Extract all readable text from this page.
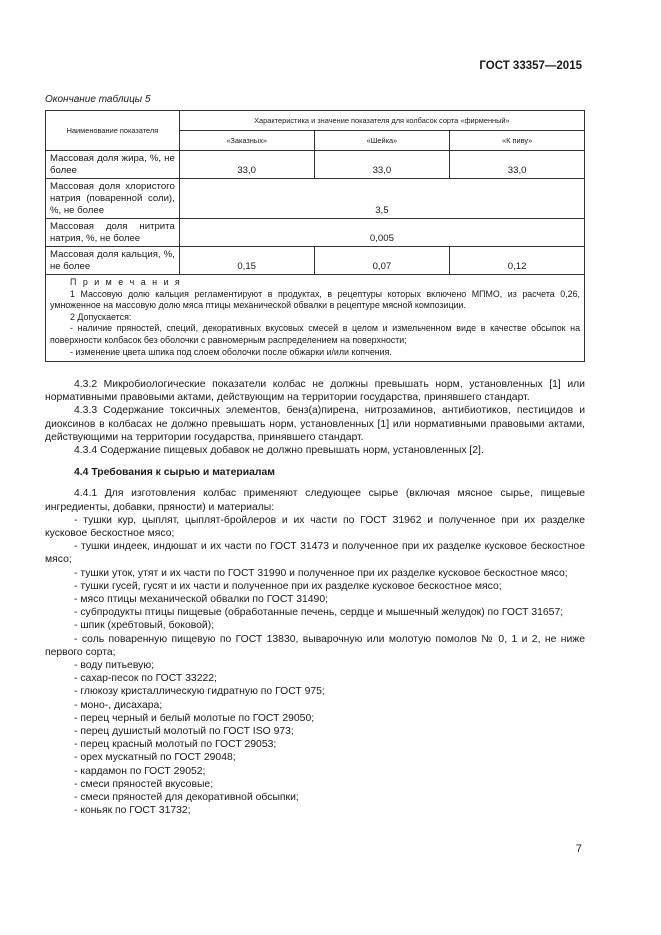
ГОСТ 33357—2015
Окончание таблицы 5
Наименование показателя	Характеристика и значение показателя для колбасок сорта «фирменный»		
	«Заказных»	«Шейка»	«К пиву»
Массовая доля жира, %, не более	33,0	33,0	33,0
Массовая доля хлористого натрия (поваренной соли), %, не более	3,5		
Массовая доля нитрита натрия, %, не более	0,005		
Массовая доля кальция, %, не более	0,15	0,07	0,12

П р и м е ч а н и я
1 Массовую долю кальция регламентируют в продуктах, в рецептуры которых включено МПМО, из расчета 0,26, умноженное на массовую долю мяса птицы механической обвалки в рецептуре мясной композиции.
2 Допускается:
- наличие пряностей, специй, декоративных вкусовых смесей в целом и измельченном виде в качестве обсыпок на поверхности колбасок без оболочки с равномерным распределением на поверхности;
- изменение цвета шпика под слоем оболочки после обжарки и/или копчения.			

4.3.2 Микробиологические показатели колбас не должны превышать норм, установленных [1] или нормативными правовыми актами, действующим на территории государства, принявшего стандарт.

4.3.3 Содержание токсичных элементов, бенз(а)пирена, нитрозаминов, антибиотиков, пестицидов и диоксинов в колбасах не должно превышать норм, установленных [1] или нормативными правовыми актами, действующими на территории государства, принявшего стандарт.

4.3.4 Содержание пищевых добавок не должно превышать норм, установленных [2].

4.4 Требования к сырью и материалам

4.4.1 Для изготовления колбас применяют следующее сырье (включая мясное сырье, пищевые ингредиенты, добавки, пряности) и материалы:

- тушки кур, цыплят, цыплят-бройлеров и их части по ГОСТ 31962 и полученное при их разделке кусковое бескостное мясо;

- тушки индеек, индюшат и их части по ГОСТ 31473 и полученное при их разделке кусковое бескостное мясо;

- тушки уток, утят и их части по ГОСТ 31990 и полученное при их разделке кусковое бескостное мясо;

- тушки гусей, гусят и их части и полученное при их разделке кусковое бескостное мясо;

- мясо птицы механической обвалки по ГОСТ 31490;

- субпродукты птицы пищевые (обработанные печень, сердце и мышечный желудок) по ГОСТ 31657;

- шпик (хребтовый, боковой);

- соль поваренную пищевую по ГОСТ 13830, выварочную или молотую помолов № 0, 1 и 2, не ниже первого сорта;

- воду питьевую;

- сахар-песок по ГОСТ 33222;

- глюкозу кристаллическую гидратную по ГОСТ 975;

- моно-, дисахара;

- перец черный и белый молотые по ГОСТ 29050;

- перец душистый молотый по ГОСТ ISO 973;

- перец красный молотый по ГОСТ 29053;

- орех мускатный по ГОСТ 29048;

- кардамон по ГОСТ 29052;

- смеси пряностей вкусовые;

- смеси пряностей для декоративной обсыпки;

- коньяк по ГОСТ 31732;

7
